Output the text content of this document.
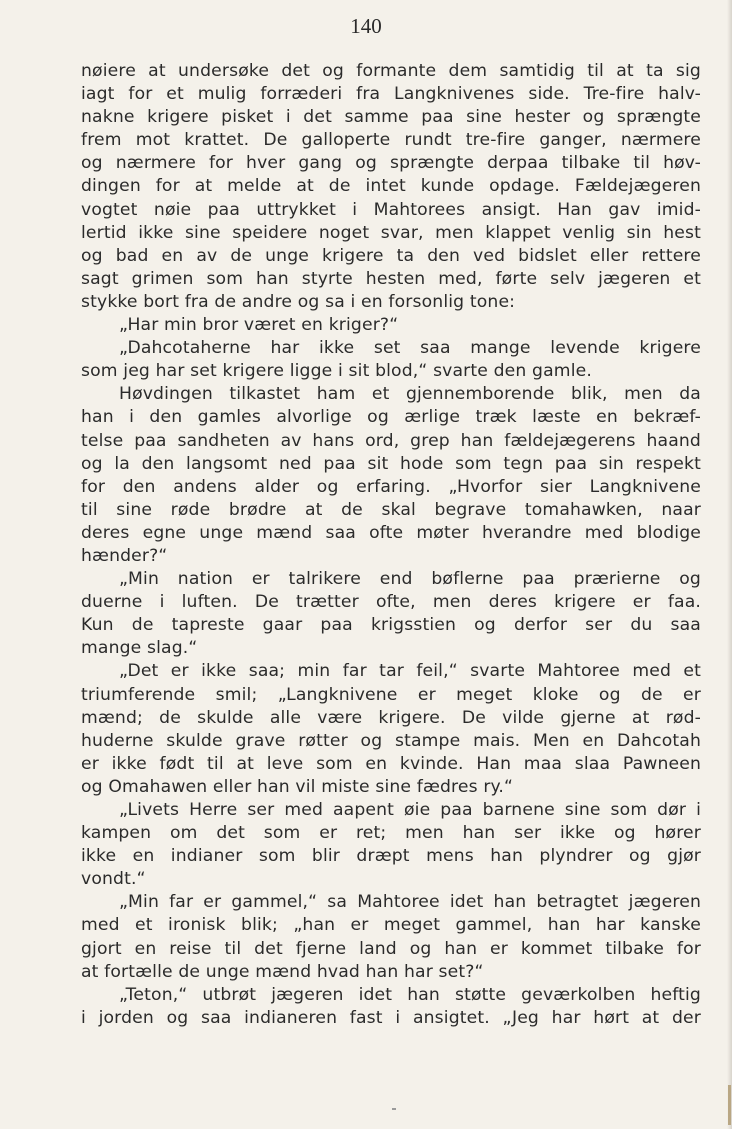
140
nøiere at undersøke det og formante dem samtidig til at ta sig
iagt for et mulig forræderi fra Langknivenes side. Tre-fire halv-
nakne krigere pisket i det samme paa sine hester og sprængte
frem mot krattet. De galloperte rundt tre-fire ganger, nærmere
og nærmere for hver gang og sprængte derpaa tilbake til høv-
dingen for at melde at de intet kunde opdage. Fældejægeren
vogtet nøie paa uttrykket i Mahtorees ansigt. Han gav imid-
lertid ikke sine speidere noget svar, men klappet venlig sin hest
og bad en av de unge krigere ta den ved bidslet eller rettere
sagt grimen som han styrte hesten med, førte selv jægeren et
stykke bort fra de andre og sa i en forsonlig tone:
„Har min bror været en kriger?“
„Dahcotaherne har ikke set saa mange levende krigere
som jeg har set krigere ligge i sit blod,“ svarte den gamle.
Høvdingen tilkastet ham et gjennemborende blik, men da
han i den gamles alvorlige og ærlige træk læste en bekræf-
telse paa sandheten av hans ord, grep han fældejægerens haand
og la den langsomt ned paa sit hode som tegn paa sin respekt
for den andens alder og erfaring. „Hvorfor sier Langknivene
til sine røde brødre at de skal begrave tomahawken, naar
deres egne unge mænd saa ofte møter hverandre med blodige
hænder?“
„Min nation er talrikere end bøflerne paa prærierne og
duerne i luften. De trætter ofte, men deres krigere er faa.
Kun de tapreste gaar paa krigsstien og derfor ser du saa
mange slag.“
„Det er ikke saa; min far tar feil,“ svarte Mahtoree med et
triumferende smil; „Langknivene er meget kloke og de er
mænd; de skulde alle være krigere. De vilde gjerne at rød-
huderne skulde grave røtter og stampe mais. Men en Dahcotah
er ikke født til at leve som en kvinde. Han maa slaa Pawneen
og Omahawen eller han vil miste sine fædres ry.“
„Livets Herre ser med aapent øie paa barnene sine som dør i
kampen om det som er ret; men han ser ikke og hører
ikke en indianer som blir dræpt mens han plyndrer og gjør
vondt.“
„Min far er gammel,“ sa Mahtoree idet han betragtet jægeren
med et ironisk blik; „han er meget gammel, han har kanske
gjort en reise til det fjerne land og han er kommet tilbake for
at fortælle de unge mænd hvad han har set?“
„Teton,“ utbrøt jægeren idet han støtte geværkolben heftig
i jorden og saa indianeren fast i ansigtet. „Jeg har hørt at der
